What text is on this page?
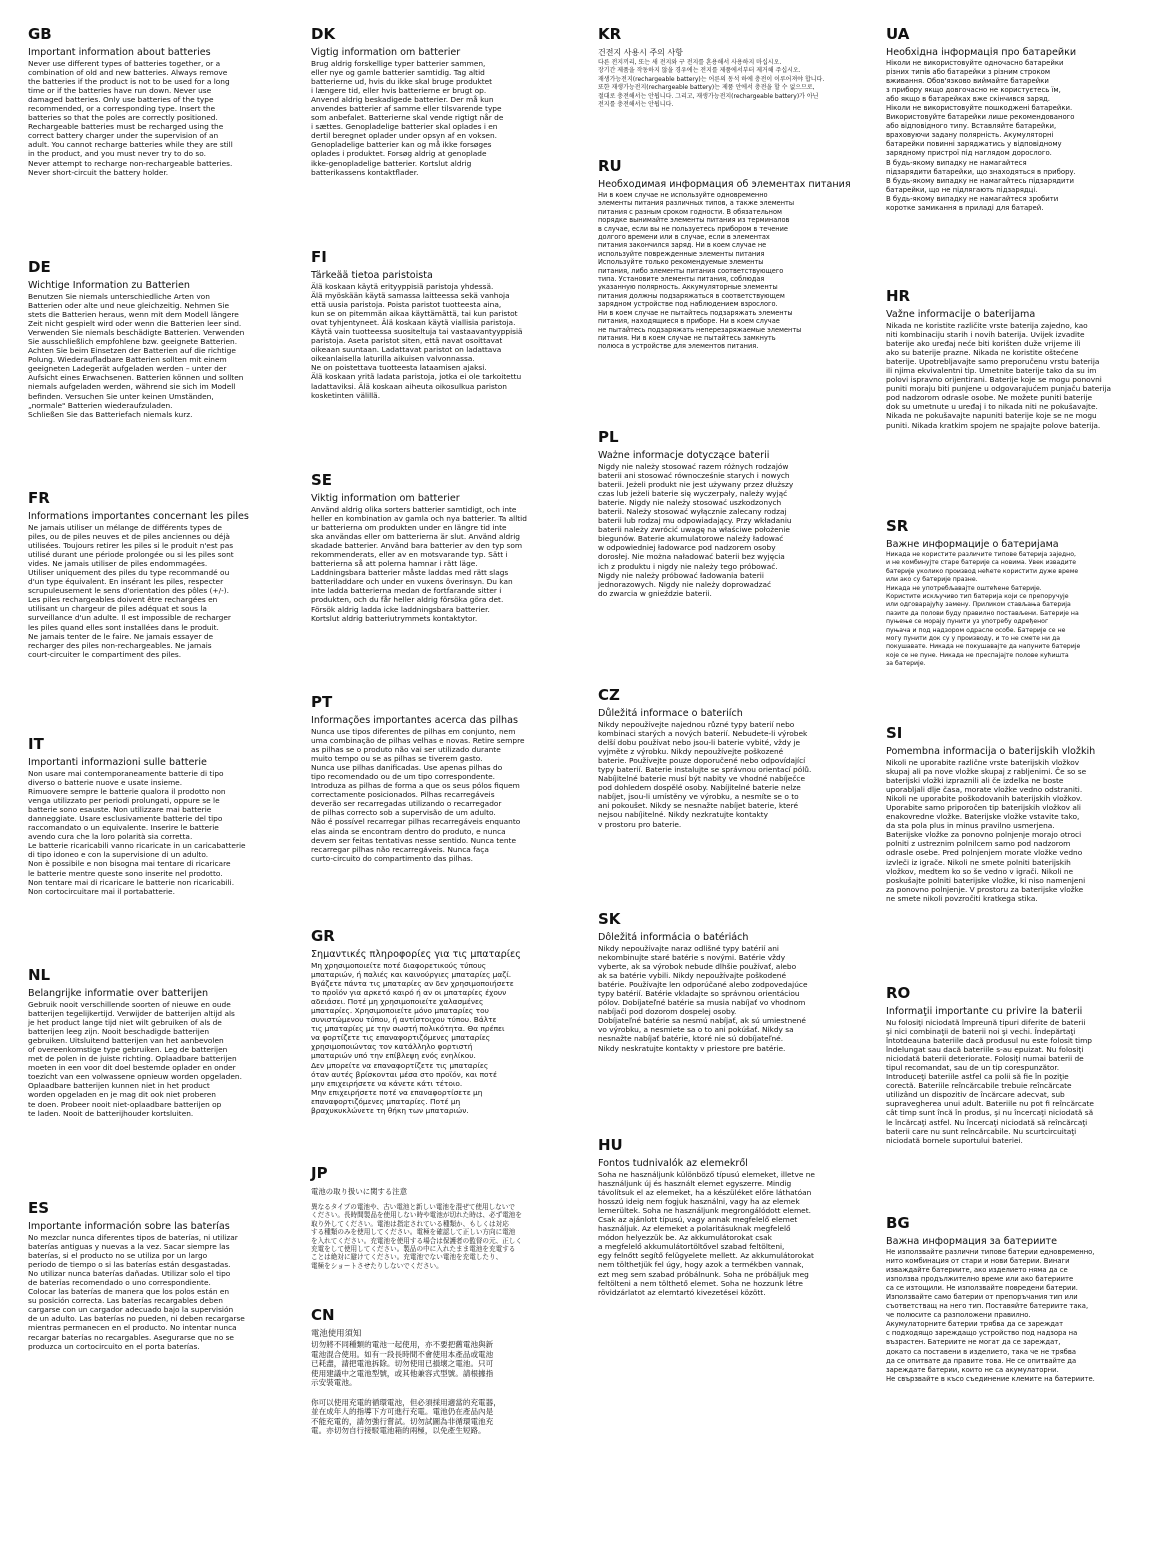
GB
Important information about batteries
Never use different types of batteries together, or a
combination of old and new batteries. Always remove
the batteries if the product is not to be used for a long
time or if the batteries have run down. Never use
damaged batteries. Only use batteries of the type
recommended, or a corresponding type. Insert the
batteries so that the poles are correctly positioned.
Rechargeable batteries must be recharged using the
correct battery charger under the supervision of an
adult. You cannot recharge batteries while they are still
in the product, and you must never try to do so.
Never attempt to recharge non-rechargeable batteries.
Never short-circuit the battery holder.
DE
Wichtige Information zu Batterien
Benutzen Sie niemals unterschiedliche Arten von
Batterien oder alte und neue gleichzeitig. Nehmen Sie
stets die Batterien heraus, wenn mit dem Modell längere
Zeit nicht gespielt wird oder wenn die Batterien leer sind.
Verwenden Sie niemals beschädigte Batterien. Verwenden
Sie ausschließlich empfohlene bzw. geeignete Batterien.
Achten Sie beim Einsetzen der Batterien auf die richtige
Polung. Wiederaufladbare Batterien sollten mit einem
geeigneten Ladegerät aufgeladen werden – unter der
Aufsicht eines Erwachsenen. Batterien können und sollten
niemals aufgeladen werden, während sie sich im Modell
befinden. Versuchen Sie unter keinen Umständen,
„normale" Batterien wiederaufzuladen.
Schließen Sie das Batteriefach niemals kurz.
FR
Informations importantes concernant les piles
Ne jamais utiliser un mélange de différents types de
piles, ou de piles neuves et de piles anciennes ou déjà
utilisées. Toujours retirer les piles si le produit n'est pas
utilisé durant une période prolongée ou si les piles sont
vides. Ne jamais utiliser de piles endommagées.
Utiliser uniquement des piles du type recommandé ou
d'un type équivalent. En insérant les piles, respecter
scrupuleusement le sens d'orientation des pôles (+/-).
Les piles rechargeables doivent être rechargées en
utilisant un chargeur de piles adéquat et sous la
surveillance d'un adulte. Il est impossible de recharger
les piles quand elles sont installées dans le produit.
Ne jamais tenter de le faire. Ne jamais essayer de
recharger des piles non-rechargeables. Ne jamais
court-circuiter le compartiment des piles.
IT
Importanti informazioni sulle batterie
Non usare mai contemporaneamente batterie di tipo
diverso o batterie nuove e usate insieme.
Rimuovere sempre le batterie qualora il prodotto non
venga utilizzato per periodi prolungati, oppure se le
batterie sono esauste. Non utilizzare mai batterie
danneggiate. Usare esclusivamente batterie del tipo
raccomandato o un equivalente. Inserire le batterie
avendo cura che la loro polarità sia corretta.
Le batterie ricaricabili vanno ricaricate in un caricabatterie
di tipo idoneo e con la supervisione di un adulto.
Non è possibile e non bisogna mai tentare di ricaricare
le batterie mentre queste sono inserite nel prodotto.
Non tentare mai di ricaricare le batterie non ricaricabili.
Non cortocircuitare mai il portabatterie.
NL
Belangrijke informatie over batterijen
Gebruik nooit verschillende soorten of nieuwe en oude
batterijen tegelijkertijd. Verwijder de batterijen altijd als
je het product lange tijd niet wilt gebruiken of als de
batterijen leeg zijn. Nooit beschadigde batterijen
gebruiken. Uitsluitend batterijen van het aanbevolen
of overeenkomstige type gebruiken. Leg de batterijen
met de polen in de juiste richting. Oplaadbare batterijen
moeten in een voor dit doel bestemde oplader en onder
toezicht van een volwassene opnieuw worden opgeladen.
Oplaadbare batterijen kunnen niet in het product
worden opgeladen en je mag dit ook niet proberen
te doen. Probeer nooit niet-oplaadbare batterijen op
te laden. Nooit de batterijhouder kortsluiten.
ES
Importante información sobre las baterías
No mezclar nunca diferentes tipos de baterías, ni utilizar
baterías antiguas y nuevas a la vez. Sacar siempre las
baterías, si el producto no se utiliza por un largo
periodo de tiempo o si las baterías están desgastadas.
No utilizar nunca baterías dañadas. Utilizar solo el tipo
de baterías recomendado o uno correspondiente.
Colocar las baterías de manera que los polos están en
su posición correcta. Las baterías recargables deben
cargarse con un cargador adecuado bajo la supervisión
de un adulto. Las baterías no pueden, ni deben recargarse
mientras permanecen en el producto. No intentar nunca
recargar baterías no recargables. Asegurarse que no se
produzca un cortocircuito en el porta baterías.
DK
Vigtig information om batterier
Brug aldrig forskellige typer batterier sammen,
eller nye og gamle batterier samtidig. Tag altid
batterierne ud, hvis du ikke skal bruge produktet
i længere tid, eller hvis batterierne er brugt op.
Anvend aldrig beskadigede batterier. Der må kun
anvendes batterier af samme eller tilsvarende type
som anbefalet. Batterierne skal vende rigtigt når de
i sættes. Genopladelige batterier skal oplades i en
dertil beregnet oplader under opsyn af en voksen.
Genopladelige batterier kan og må ikke forsøges
oplades i produktet. Forsøg aldrig at genoplade
ikke-genopladelige batterier. Kortslut aldrig
batterikassens kontaktflader.
FI
Tärkeää tietoa paristoista
Älä koskaan käytä erityyppisiä paristoja yhdessä.
Älä myöskään käytä samassa laitteessa sekä vanhoja
että uusia paristoja. Poista paristot tuotteesta aina,
kun se on pitemmän aikaa käyttämättä, tai kun paristot
ovat tyhjentyneet. Älä koskaan käytä viallisia paristoja.
Käytä vain tuotteessa suositeltuja tai vastaavantyyppisiä
paristoja. Aseta paristot siten, että navat osoittavat
oikeaan suuntaan. Ladattavat paristot on ladattava
oikeanlaisella laturilla aikuisen valvonnassa.
Ne on poistettava tuotteesta lataamisen ajaksi.
Älä koskaan yritä ladata paristoja, jotka ei ole tarkoitettu
ladattaviksi. Älä koskaan aiheuta oikosulkua pariston
kosketinten välillä.
SE
Viktig information om batterier
Använd aldrig olika sorters batterier samtidigt, och inte
heller en kombination av gamla och nya batterier. Ta alltid
ur batterierna om produkten under en längre tid inte
ska användas eller om batterierna är slut. Använd aldrig
skadade batterier. Använd bara batterier av den typ som
rekommenderats, eller av en motsvarande typ. Sätt i
batterierna så att polerna hamnar i rätt läge.
Laddningsbara batterier måste laddas med rätt slags
batteriladdare och under en vuxens överinsyn. Du kan
inte ladda batterierna medan de fortfarande sitter i
produkten, och du får heller aldrig försöka göra det.
Försök aldrig ladda icke laddningsbara batterier.
Kortslut aldrig batteriutrymmets kontaktytor.
PT
Informações importantes acerca das pilhas
Nunca use tipos diferentes de pilhas em conjunto, nem
uma combinação de pilhas velhas e novas. Retire sempre
as pilhas se o produto não vai ser utilizado durante
muito tempo ou se as pilhas se tiverem gasto.
Nunca use pilhas danificadas. Use apenas pilhas do
tipo recomendado ou de um tipo correspondente.
Introduza as pilhas de forma a que os seus pólos fiquem
correctamente posicionados. Pilhas recarregáveis
deverão ser recarregadas utilizando o recarregador
de pilhas correcto sob a supervisão de um adulto.
Não é possível recarregar pilhas recarregáveis enquanto
elas ainda se encontram dentro do produto, e nunca
devem ser feitas tentativas nesse sentido. Nunca tente
recarregar pilhas não recarregáveis. Nunca faça
curto-circuito do compartimento das pilhas.
GR
Σημαντικές πληροφορίες για τις μπαταρίες
Μη χρησιμοποιείτε ποτέ διαφορετικούς τύπους
μπαταριών, ή παλιές και καινούργιες μπαταρίες μαζί.
Βγάζετε πάντα τις μπαταρίες αν δεν χρησιμοποιήσετε
το προϊόν για αρκετό καιρό ή αν οι μπαταρίες έχουν
αδειάσει. Ποτέ μη χρησιμοποιείτε χαλασμένες
μπαταρίες. Χρησιμοποιείτε μόνο μπαταρίες του
συνιστώμενου τύπου, ή αντίστοιχου τύπου. Βάλτε
τις μπαταρίες με την σωστή πολικότητα. Θα πρέπει
να φορτίζετε τις επαναφορτιζόμενες μπαταρίες
χρησιμοποιώντας τον κατάλληλο φορτιστή
μπαταριών υπό την επίβλεψη ενός ενηλίκου.
Δεν μπορείτε να επαναφορτίζετε τις μπαταρίες
όταν αυτές βρίσκονται μέσα στο προϊόν, και ποτέ
μην επιχειρήσετε να κάνετε κάτι τέτοιο.
Μην επιχειρήσετε ποτέ να επαναφορτίσετε μη
επαναφορτιζόμενες μπαταρίες. Ποτέ μη
βραχυκυκλώνετε τη θήκη των μπαταριών.
JP
電池の取り扱いに関する注意
異なるタイプの電池や、古い電池と新しい電池を混ぜて使用しないで
ください。長時間製品を使用しない時や電池が切れた時は、必ず電池を
取り外してください。電池は指定されている種類か、もしくは対応
する種類のみを使用してください。電極を確認して正しい方向に電池
を入れてください。充電池を使用する場合は保護者の監督の元、正しく
充電をして使用してください。製品の中に入れたまま電池を充電する
ことは絶対に避けてください。充電池でない電池を充電したり、
電極をショートさせたりしないでください。
CN
電池使用須知
切勿將不同種類的電池一起使用，亦不要把舊電池與新
電池混合使用。如有一段長時間不會使用本產品或電池
已耗盡，請把電池拆除。切勿使用已損壞之電池。只可
使用建議中之電池型號，或其他兼容式型號。請根據指
示安裝電池。

你可以使用充電的循環電池，但必須採用適當的充電器，
並在成年人的指導下方可進行充電。電池仍在產品內是
不能充電的，請勿強行嘗試。切勿試圖為非循環電池充
電。亦切勿自行接駁電池箱的兩極，以免產生短路。
KR
건전지 사용시 주의 사항
다른 전지끼리, 또는 새 전지와 구 전지를 혼용해서 사용하지 마십시오.
장기간 제품을 작동하지 않을 경우에는 전지를 제품에서부터 제거해 주십시오.
재생가능전지(rechargeable battery)는 어른의 동석 하에 충전이 이루어져야 합니다.
또한 재생가능전지(rechargeable battery)는 제품 안에서 충전을 할 수 없으므로,
절대로 충전해서는 안됩니다. 그리고, 재생가능전지(rechargeable battery)가 아닌
전지를 충전해서는 안됩니다.
RU
Необходимая информация об элементах питания
Ни в коем случае не используйте одновременно
элементы питания различных типов, а также элементы
питания с разным сроком годности. В обязательном
порядке вынимайте элементы питания из терминалов
в случае, если вы не пользуетесь прибором в течение
долгого времени или в случае, если в элементах
питания закончился заряд. Ни в коем случае не
используйте поврежденные элементы питания
Используйте только рекомендуемые элементы
питания, либо элементы питания соответствующего
типа. Установите элементы питания, соблюдая
указанную полярность. Аккумуляторные элементы
питания должны подзаряжаться в соответствующем
зарядном устройстве под наблюдением взрослого.
Ни в коем случае не пытайтесь подзаряжать элементы
питания, находящиеся в приборе. Ни в коем случае
не пытайтесь подзаряжать неперезаряжаемые элементы
питания. Ни в коем случае не пытайтесь замкнуть
полюса в устройстве для элементов питания.
PL
Ważne informacje dotyczące baterii
Nigdy nie należy stosować razem różnych rodzajów
baterii ani stosować równocześnie starych i nowych
baterii. Jeżeli produkt nie jest używany przez dłuższy
czas lub jeżeli baterie się wyczerpały, należy wyjąć
baterie. Nigdy nie należy stosować uszkodzonych
baterii. Należy stosować wyłącznie zalecany rodzaj
baterii lub rodzaj mu odpowiadający. Przy wkładaniu
baterii należy zwrócić uwagę na właściwe położenie
biegunów. Baterie akumulatorowe należy ładować
w odpowiedniej ładowarce pod nadzorem osoby
dorosłej. Nie można naładować baterii bez wyjęcia
ich z produktu i nigdy nie należy tego próbować.
Nigdy nie należy próbować ładowania baterii
jednorazowych. Nigdy nie należy doprowadzać
do zwarcia w gnieździe baterii.
CZ
Důležitá informace o bateriích
Nikdy nepoužívejte najednou různé typy baterií nebo
kombinaci starých a nových baterií. Nebudete-li výrobek
delší dobu používat nebo jsou-li baterie vybité, vždy je
vyjměte z výrobku. Nikdy nepoužívejte poškozené
baterie. Používejte pouze doporučené nebo odpovídající
typy baterií. Baterie instalujte se správnou orientací pólů.
Nabíjitelné baterie musí být nabity ve vhodné nabíječce
pod dohledem dospělé osoby. Nabíjitelné baterie nelze
nabíjet, jsou-li umístěny ve výrobku, a nesmíte se o to
ani pokoušet. Nikdy se nesnažte nabíjet baterie, které
nejsou nabíjitelné. Nikdy nezkratujte kontakty
v prostoru pro baterie.
SK
Dôležitá informácia o batériách
Nikdy nepoužívajte naraz odlišné typy batérií ani
nekombinujte staré batérie s novými. Batérie vždy
vyberte, ak sa výrobok nebude dlhšie používať, alebo
ak sa batérie vybili. Nikdy nepoužívajte poškodené
batérie. Používajte len odporúčané alebo zodpovedajúce
typy batérií. Batérie vkladajte so správnou orientáciou
pólov. Dobíjateľné batérie sa musia nabíjať vo vhodnom
nabíjači pod dozorom dospelej osoby.
Dobíjateľné batérie sa nesmú nabíjať, ak sú umiestnené
vo výrobku, a nesmiete sa o to ani pokúšať. Nikdy sa
nesnažte nabíjať batérie, ktoré nie sú dobíjateľné.
Nikdy neskratujte kontakty v priestore pre batérie.
HU
Fontos tudnivalók az elemekről
Soha ne használjunk különböző típusú elemeket, illetve ne
használjunk új és használt elemet egyszerre. Mindig
távolítsuk el az elemeket, ha a készüléket előre láthatóan
hosszú ideig nem fogjuk használni, vagy ha az elemek
lemerültek. Soha ne használjunk megrongálódott elemet.
Csak az ajánlott típusú, vagy annak megfelelő elemet
használjuk. Az elemeket a polaritásuknak megfelelő
módon helyezzük be. Az akkumulátorokat csak
a megfelelő akkumulátortöltővel szabad feltölteni,
egy felnőtt segítő felügyelete mellett. Az akkumulátorokat
nem tölthetjük fel úgy, hogy azok a termékben vannak,
ezt meg sem szabad próbálnunk. Soha ne próbáljuk meg
feltölteni a nem tölthető elemet. Soha ne hozzunk létre
rövidzárlatot az elemtartó kivezetései között.
UA
Необхідна інформація про батарейки
Ніколи не використовуйте одночасно батарейки
різних типів або батарейки з різним строком
вживання. Обов'язково виймайте батарейки
з прибору якщо довгочасно не користуєтесь їм,
або якщо в батарейках вже скінчився заряд.
Ніколи не використовуйте пошкоджені батарейки.
Використовуйте батарейки лише рекомендованого
або відповідного типу. Вставляйте батарейки,
враховуючи задану полярність. Акумуляторні
батарейки повинні заряджатись у відповідному
зарядному пристрої під наглядом дорослого.
В будь-якому випадку не намагайтеся
підзарядити батарейки, що знаходяться в прибору.
В будь-якому випадку не намагайтесь підзарядити
батарейки, що не підлягають підзарядці.
В будь-якому випадку не намагайтеся зробити
коротке замикання в приладі для батарей.
HR
Važne informacije o baterijama
Nikada ne koristite različite vrste baterija zajedno, kao
niti kombinaciju starih i novih baterija. Uvijek izvadite
baterije ako uređaj neće biti korišten duže vrijeme ili
ako su baterije prazne. Nikada ne koristite oštećene
baterije. Upotrebljavajte samo preporučenu vrstu baterija
ili njima ekvivalentni tip. Umetnite baterije tako da su im
polovi ispravno orijentirani. Baterije koje se mogu ponovni
puniti moraju biti punjene u odgovarajućem punjaču baterija
pod nadzorom odrasle osobe. Ne možete puniti baterije
dok su umetnute u uređaj i to nikada niti ne pokušavajte.
Nikada ne pokušavajte napuniti baterije koje se ne mogu
puniti. Nikada kratkim spojem ne spajajte polove baterija.
SR
Важне информације о батеријама
Никада не користите различите типове батерија заједно,
и не комбинујте старе батерије са новима. Увек извадите
батерије уколико производ нећете користити дуже време
или ако су батерије празне.
Никада не употребљавајте оштећене батерије.
Користите искључиво тип батерија који се препоручује
или одговарајућу замену. Приликом стављања батерија
пазите да полови буду правилно постављени. Батерије на
пуњење се морају пунити уз употребу одређеног
пуњача и под надзором одрасле особе. Батерије се не
могу пунити док су у производу, и то не смете ни да
покушавате. Никада не покушавајте да напуните батерије
које се не пуне. Никада не преспајајте полове кућишта
за батерије.
SI
Pomembna informacija o baterijskih vložkih
Nikoli ne uporabite različne vrste baterijskih vložkov
skupaj ali pa nove vložke skupaj z rabljenimi. Če so se
baterijski vložki izpraznili ali če izdelka ne boste
uporabljali dlje časa, morate vložke vedno odstraniti.
Nikoli ne uporabite poškodovanih baterijskih vložkov.
Uporabite samo priporočen tip baterijskih vložkov ali
enakovredne vložke. Baterijske vložke vstavite tako,
da sta pola plus in minus pravilno usmerjena.
Baterijske vložke za ponovno polnjenje morajo otroci
polniti z ustreznim polnilcem samo pod nadzorom
odrasle osebe. Pred polnjenjem morate vložke vedno
izvleči iz igrače. Nikoli ne smete polniti baterijskih
vložkov, medtem ko so še vedno v igrači. Nikoli ne
poskušajte polniti baterijske vložke, ki niso namenjeni
za ponovno polnjenje. V prostoru za baterijske vložke
ne smete nikoli povzročiti kratkega stika.
RO
Informaţii importante cu privire la baterii
Nu folosiţi niciodată împreună tipuri diferite de baterii
şi nici combinaţii de baterii noi şi vechi. Îndepărtaţi
întotdeauna bateriile dacă produsul nu este folosit timp
îndelungat sau dacă bateriile s-au epuizat. Nu folosiţi
niciodată baterii deteriorate. Folosiţi numai baterii de
tipul recomandat, sau de un tip corespunzător.
Introduceţi bateriile astfel ca polii să fie în poziţie
corectă. Bateriile reîncărcabile trebuie reîncărcate
utilizând un dispozitiv de încărcare adecvat, sub
supravegherea unui adult. Bateriile nu pot fi reîncărcate
cât timp sunt încă în produs, şi nu încercaţi niciodată să
le încărcaţi astfel. Nu încercaţi niciodată să reîncărcaţi
baterii care nu sunt reîncărcabile. Nu scurtcircuitaţi
niciodată bornele suportului bateriei.
BG
Важна информация за батериите
Не използвайте различни типове батерии едновременно,
нито комбинация от стари и нови батерии. Винаги
изваждайте батериите, ако изделието няма да се
използва продължително време или ако батериите
са се изтощили. Не използвайте повредени батерии.
Използвайте само батерии от препоръчания тип или
съответстващ на него тип. Поставяйте батериите така,
че полюсите са разположени правилно.
Акумулаторните батерии трябва да се зареждат
с подходящо зареждащо устройство под надзора на
възрастен. Батериите не могат да се зареждат,
докато са поставени в изделието, така че не трябва
да се опитвате да правите това. Не се опитвайте да
зареждате батерии, които не са акумулаторни.
Не свързвайте в късо съединение клемите на батериите.
